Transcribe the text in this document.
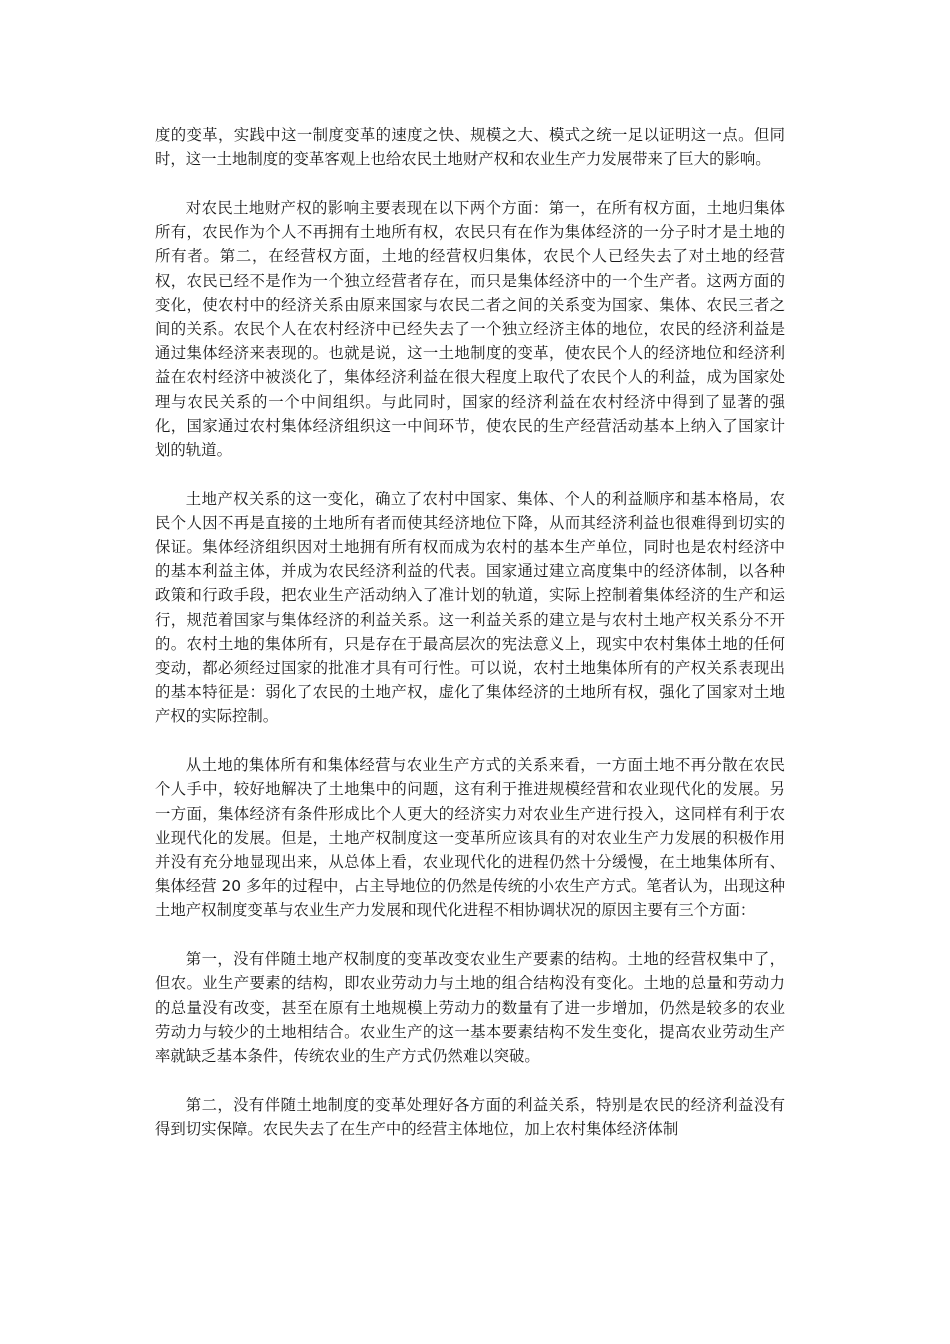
度的变革，实践中这一制度变革的速度之快、规模之大、模式之统一足以证明这一点。但同时，这一土地制度的变革客观上也给农民土地财产权和农业生产力发展带来了巨大的影响。

对农民土地财产权的影响主要表现在以下两个方面：第一，在所有权方面，土地归集体所有，农民作为个人不再拥有土地所有权，农民只有在作为集体经济的一分子时才是土地的所有者。第二，在经营权方面，土地的经营权归集体，农民个人已经失去了对土地的经营权，农民已经不是作为一个独立经营者存在，而只是集体经济中的一个生产者。这两方面的变化，使农村中的经济关系由原来国家与农民二者之间的关系变为国家、集体、农民三者之间的关系。农民个人在农村经济中已经失去了一个独立经济主体的地位，农民的经济利益是通过集体经济来表现的。也就是说，这一土地制度的变革，使农民个人的经济地位和经济利益在农村经济中被淡化了，集体经济利益在很大程度上取代了农民个人的利益，成为国家处理与农民关系的一个中间组织。与此同时，国家的经济利益在农村经济中得到了显著的强化，国家通过农村集体经济组织这一中间环节，使农民的生产经营活动基本上纳入了国家计划的轨道。

土地产权关系的这一变化，确立了农村中国家、集体、个人的利益顺序和基本格局，农民个人因不再是直接的土地所有者而使其经济地位下降，从而其经济利益也很难得到切实的保证。集体经济组织因对土地拥有所有权而成为农村的基本生产单位，同时也是农村经济中的基本利益主体，并成为农民经济利益的代表。国家通过建立高度集中的经济体制，以各种政策和行政手段，把农业生产活动纳入了准计划的轨道，实际上控制着集体经济的生产和运行，规范着国家与集体经济的利益关系。这一利益关系的建立是与农村土地产权关系分不开的。农村土地的集体所有，只是存在于最高层次的宪法意义上，现实中农村集体土地的任何变动，都必须经过国家的批准才具有可行性。可以说，农村土地集体所有的产权关系表现出的基本特征是：弱化了农民的土地产权，虚化了集体经济的土地所有权，强化了国家对土地产权的实际控制。

从土地的集体所有和集体经营与农业生产方式的关系来看，一方面土地不再分散在农民个人手中，较好地解决了土地集中的问题，这有利于推进规模经营和农业现代化的发展。另一方面，集体经济有条件形成比个人更大的经济实力对农业生产进行投入，这同样有利于农业现代化的发展。但是，土地产权制度这一变革所应该具有的对农业生产力发展的积极作用并没有充分地显现出来，从总体上看，农业现代化的进程仍然十分缓慢，在土地集体所有、集体经营 20 多年的过程中，占主导地位的仍然是传统的小农生产方式。笔者认为，出现这种土地产权制度变革与农业生产力发展和现代化进程不相协调状况的原因主要有三个方面：

第一，没有伴随土地产权制度的变革改变农业生产要素的结构。土地的经营权集中了，但农。业生产要素的结构，即农业劳动力与土地的组合结构没有变化。土地的总量和劳动力的总量没有改变，甚至在原有土地规模上劳动力的数量有了进一步增加，仍然是较多的农业劳动力与较少的土地相结合。农业生产的这一基本要素结构不发生变化，提高农业劳动生产率就缺乏基本条件，传统农业的生产方式仍然难以突破。

第二，没有伴随土地制度的变革处理好各方面的利益关系，特别是农民的经济利益没有得到切实保障。农民失去了在生产中的经营主体地位，加上农村集体经济体制
